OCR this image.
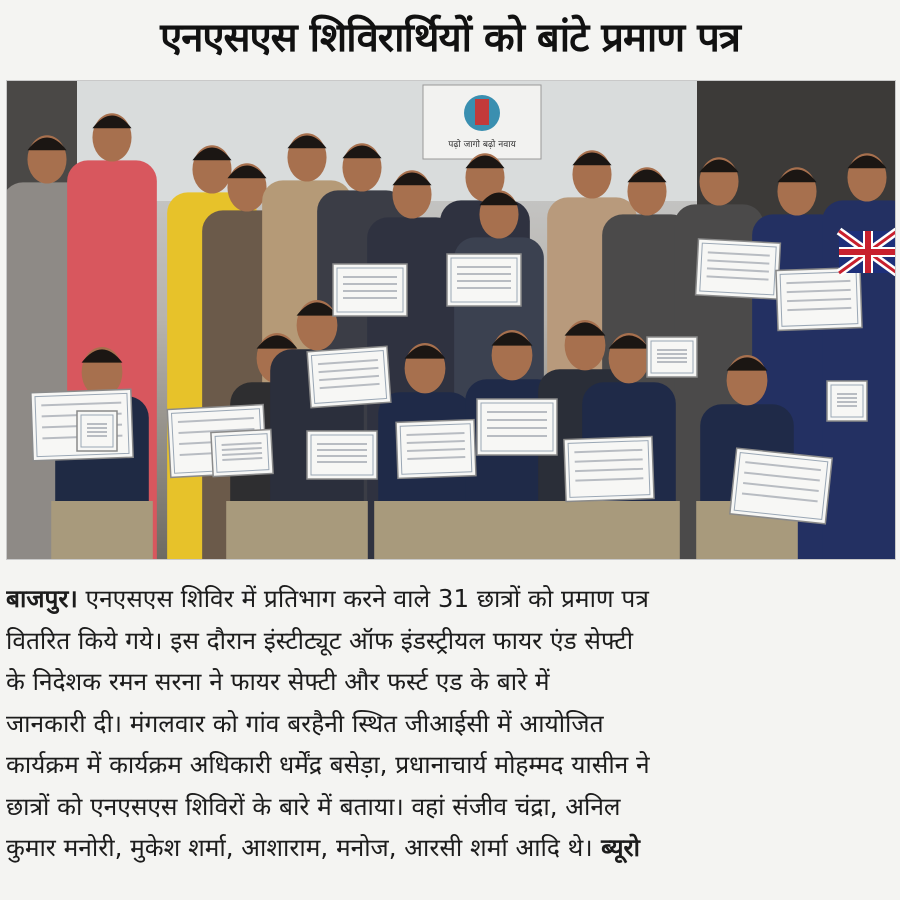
एनएसएस शिविरार्थियों को बांटे प्रमाण पत्र
पढ़ो जागो बढ़ो नवाय
बाजपुर। एनएसएस शिविर में प्रतिभाग करने वाले 31 छात्रों को प्रमाण पत्र
वितरित किये गये। इस दौरान इंस्टीट्यूट ऑफ इंडस्ट्रीयल फायर एंड सेफ्टी
के निदेशक रमन सरना ने फायर सेफ्टी और फर्स्ट एड के बारे में
जानकारी दी। मंगलवार को गांव बरहैनी स्थित जीआईसी में आयोजित
कार्यक्रम में कार्यक्रम अधिकारी धर्मेंद्र बसेड़ा, प्रधानाचार्य मोहम्मद यासीन ने
छात्रों को एनएसएस शिविरों के बारे में बताया। वहां संजीव चंद्रा, अनिल
कुमार मनोरी, मुकेश शर्मा, आशाराम, मनोज, आरसी शर्मा आदि थे। ब्यूरो
